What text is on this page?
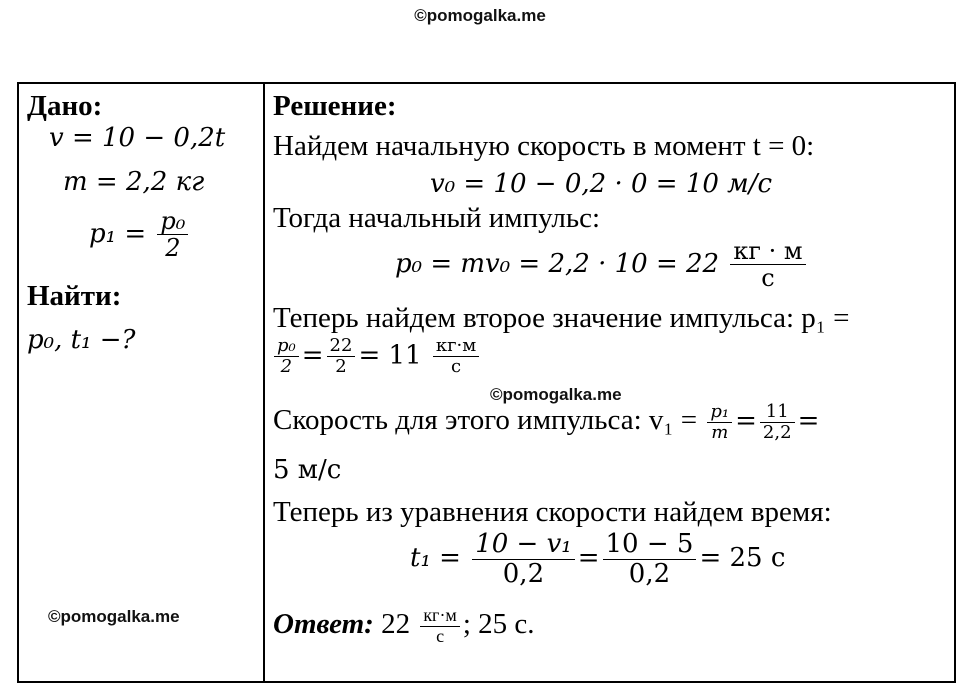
©pomogalka.me
Дано:
v = 10 − 0,2t
m = 2,2 кг
$p_1 = \frac{\text{p₀}}{2}$
Найти:
p₀, t₁ −?
Решение:
Найдем начальную скорость в момент t = 0:
v₀ = 10 − 0,2 · 0 = 10 м/с
Тогда начальный импульс:
$p_0 = mv_0 = 2,2 \cdot 10 = 22 \frac{кг \cdot м}{с}$
Теперь найдем второе значение импульса: p₁ =
$\frac{\text{p₀}}{2} = \frac{22}{2} = 11 \frac{кг\cdot м}{с}$
Скорость для этого импульса: $v_1 = \frac{\text{p₁}}{m} = \frac{11}{2,2}$ =
5 м/с
Теперь из уравнения скорости найдем время:
$t_1 = \frac{\text{10 − v₁}}{0,2} = \frac{10 - 5}{0,2} = 25$ с
Ответ: $22 \frac{кг\cdot м}{с}$ ; 25 с.
©pomogalka.me
©pomogalka.me
